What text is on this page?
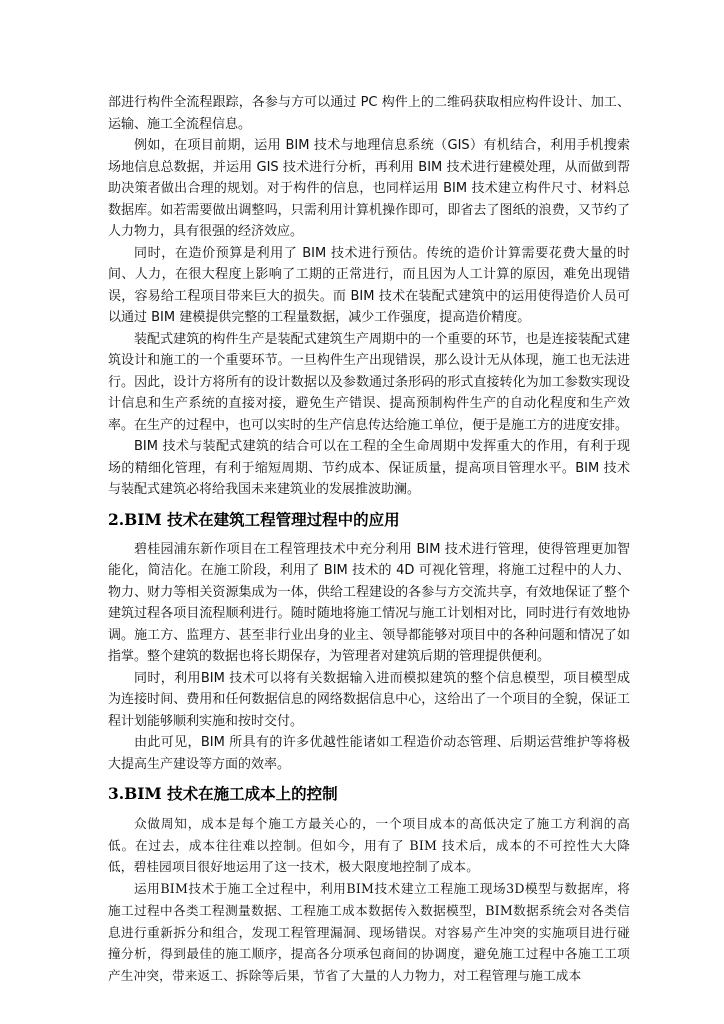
部进行构件全流程跟踪，各参与方可以通过 PC 构件上的二维码获取相应构件设计、加工、运输、施工全流程信息。

例如，在项目前期，运用 BIM 技术与地理信息系统（GIS）有机结合，利用手机搜索场地信息总数据，并运用 GIS 技术进行分析，再利用 BIM 技术进行建模处理，从而做到帮助决策者做出合理的规划。对于构件的信息，也同样运用 BIM 技术建立构件尺寸、材料总数据库。如若需要做出调整吗，只需利用计算机操作即可，即省去了图纸的浪费，又节约了人力物力，具有很强的经济效应。

同时，在造价预算是利用了 BIM 技术进行预估。传统的造价计算需要花费大量的时间、人力，在很大程度上影响了工期的正常进行，而且因为人工计算的原因，难免出现错误，容易给工程项目带来巨大的损失。而 BIM 技术在装配式建筑中的运用使得造价人员可以通过 BIM 建模提供完整的工程量数据，减少工作强度，提高造价精度。

装配式建筑的构件生产是装配式建筑生产周期中的一个重要的环节，也是连接装配式建筑设计和施工的一个重要环节。一旦构件生产出现错误，那么设计无从体现，施工也无法进行。因此，设计方将所有的设计数据以及参数通过条形码的形式直接转化为加工参数实现设计信息和生产系统的直接对接，避免生产错误、提高预制构件生产的自动化程度和生产效率。在生产的过程中，也可以实时的生产信息传达给施工单位，便于是施工方的进度安排。

BIM 技术与装配式建筑的结合可以在工程的全生命周期中发挥重大的作用，有利于现场的精细化管理，有利于缩短周期、节约成本、保证质量，提高项目管理水平。BIM 技术与装配式建筑必将给我国未来建筑业的发展推波助澜。

2.BIM 技术在建筑工程管理过程中的应用

碧桂园浦东新作项目在工程管理技术中充分利用 BIM 技术进行管理，使得管理更加智能化，简洁化。在施工阶段，利用了 BIM 技术的 4D 可视化管理，将施工过程中的人力、物力、财力等相关资源集成为一体，供给工程建设的各参与方交流共享，有效地保证了整个建筑过程各项目流程顺利进行。随时随地将施工情况与施工计划相对比，同时进行有效地协调。施工方、监理方、甚至非行业出身的业主、领导都能够对项目中的各种问题和情况了如指掌。整个建筑的数据也将长期保存，为管理者对建筑后期的管理提供便利。

同时，利用BIM 技术可以将有关数据输入进而模拟建筑的整个信息模型，项目模型成为连接时间、费用和任何数据信息的网络数据信息中心，这给出了一个项目的全貌，保证工程计划能够顺利实施和按时交付。

由此可见，BIM 所具有的许多优越性能诸如工程造价动态管理、后期运营维护等将极大提高生产建设等方面的效率。

3.BIM 技术在施工成本上的控制

众做周知，成本是每个施工方最关心的，一个项目成本的高低决定了施工方利润的高低。在过去，成本往往难以控制。但如今，用有了 BIM 技术后，成本的不可控性大大降低，碧桂园项目很好地运用了这一技术，极大限度地控制了成本。

运用BIM技术于施工全过程中，利用BIM技术建立工程施工现场3D模型与数据库，将施工过程中各类工程测量数据、工程施工成本数据传入数据模型，BIM数据系统会对各类信息进行重新拆分和组合，发现工程管理漏洞、现场错误。对容易产生冲突的实施项目进行碰撞分析，得到最佳的施工顺序，提高各分项承包商间的协调度，避免施工过程中各施工工项产生冲突，带来返工、拆除等后果，节省了大量的人力物力，对工程管理与施工成本
